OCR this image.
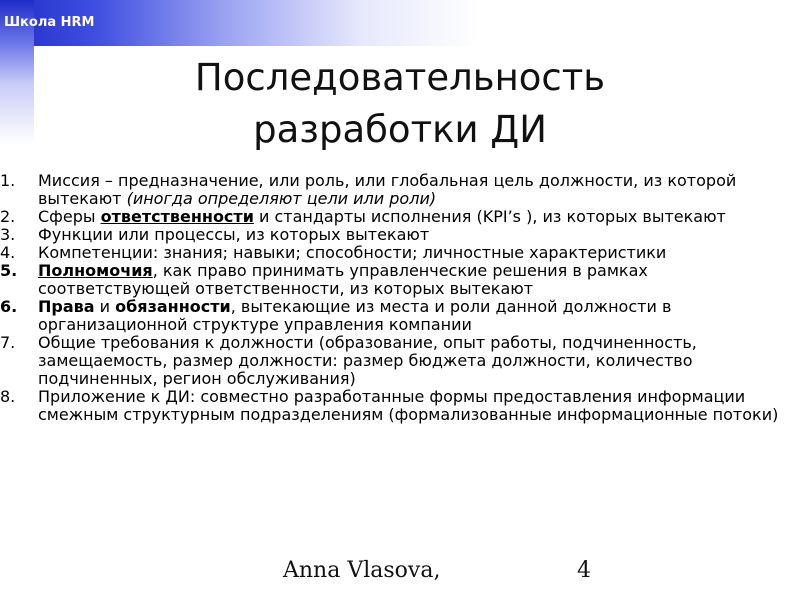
Школа HRM
Последовательность
разработки ДИ
1.	Миссия – предназначение, или роль, или глобальная цель должности, из которой вытекают (иногда определяют цели или роли)
2.	Сферы ответственности и стандарты исполнения (KPI’s ), из которых вытекают
3.	Функции или процессы, из которых вытекают
4.	Компетенции: знания; навыки; способности; личностные характеристики
5.	Полномочия, как право принимать управленческие решения в рамках соответствующей ответственности, из которых вытекают
6.	Права и обязанности, вытекающие из места и роли данной должности в организационной структуре управления компании
7.	Общие требования к должности (образование, опыт работы, подчиненность, замещаемость, размер должности: размер бюджета должности, количество подчиненных, регион обслуживания)
8.	Приложение к ДИ: совместно разработанные формы предоставления информации смежным структурным подразделениям (формализованные информационные потоки)
Anna Vlasova,	4
